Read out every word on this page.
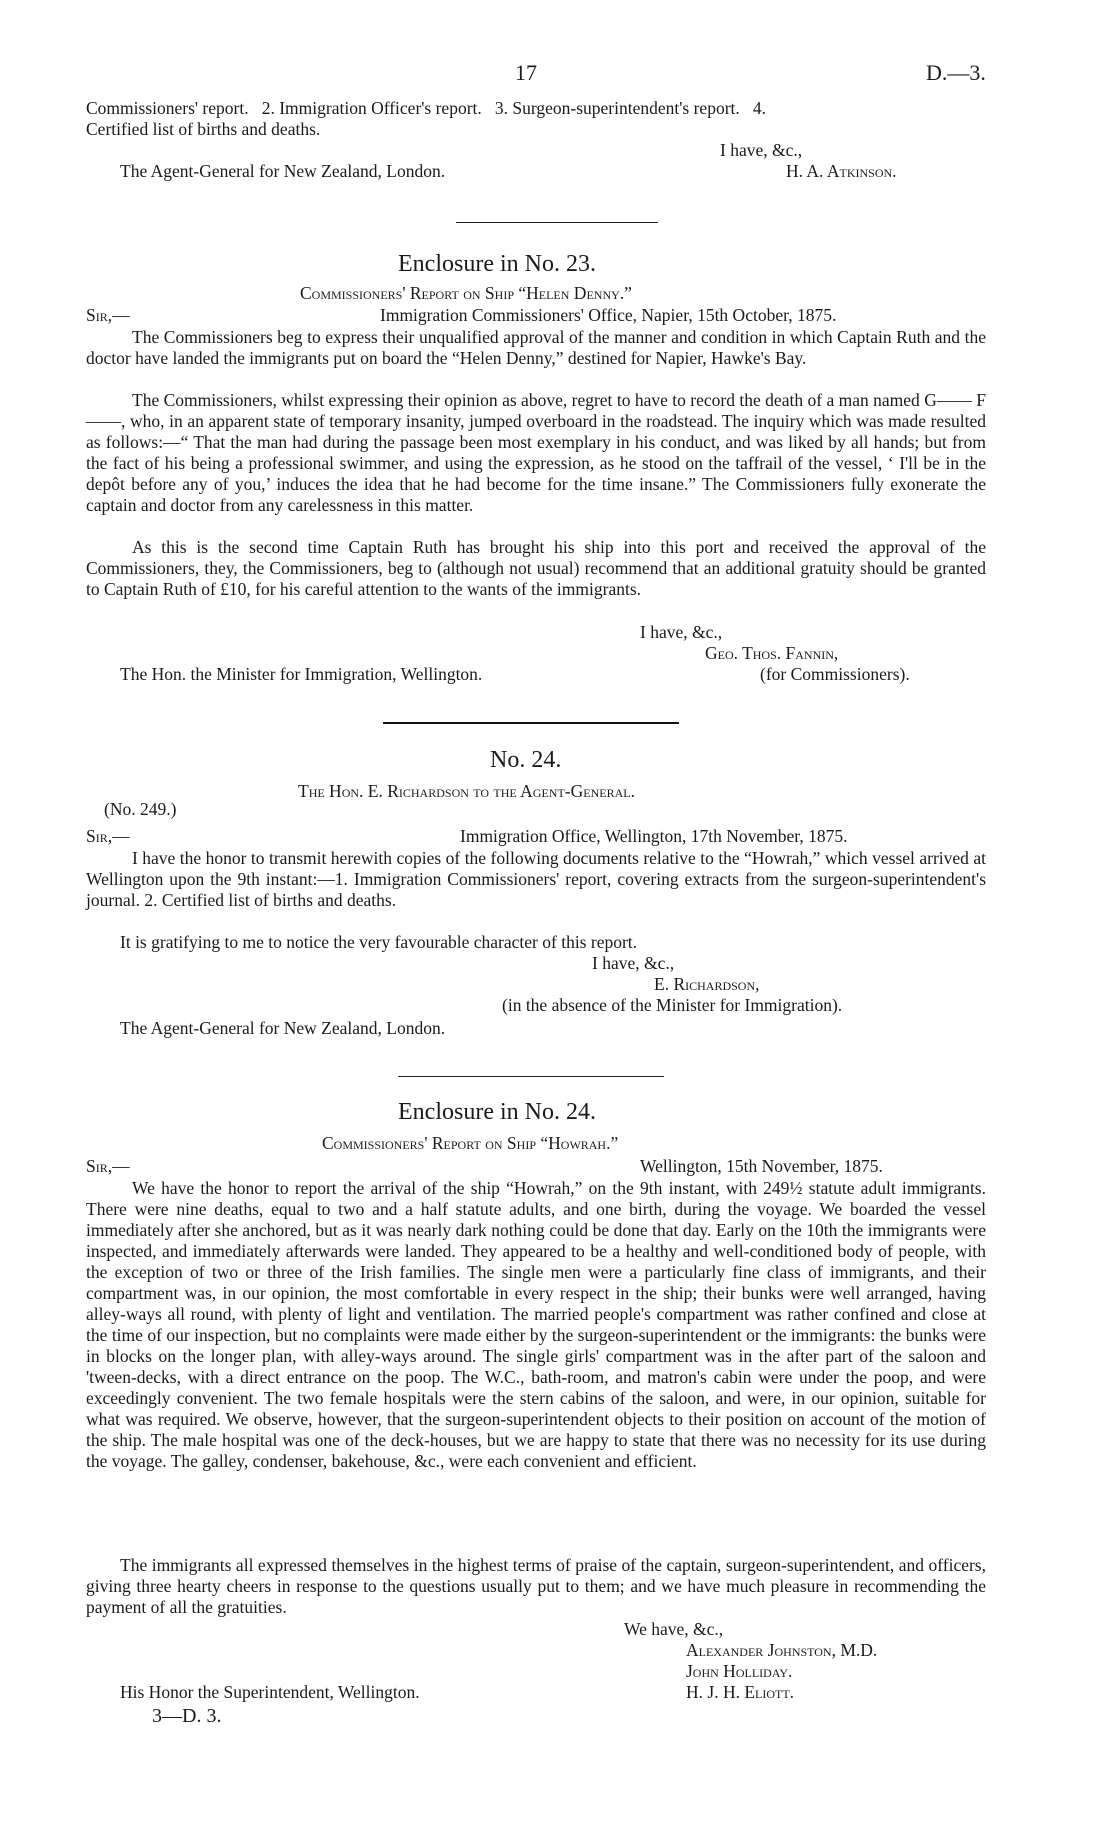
17	D.—3.
Commissioners' report.   2. Immigration Officer's report.   3. Surgeon-superintendent's report.   4.
Certified list of births and deaths.
I have, &c.,
The Agent-General for New Zealand, London.	H. A. Atkinson.
Enclosure in No. 23.
Commissioners' Report on Ship “Helen Denny.”
Sir,—	Immigration Commissioners' Office, Napier, 15th October, 1875.
The Commissioners beg to express their unqualified approval of the manner and condition in which Captain Ruth and the doctor have landed the immigrants put on board the “Helen Denny,” destined for Napier, Hawke's Bay.
The Commissioners, whilst expressing their opinion as above, regret to have to record the death of a man named G—— F——, who, in an apparent state of temporary insanity, jumped overboard in the roadstead. The inquiry which was made resulted as follows:—“ That the man had during the passage been most exemplary in his conduct, and was liked by all hands; but from the fact of his being a professional swimmer, and using the expression, as he stood on the taffrail of the vessel, ‘ I'll be in the depôt before any of you,’ induces the idea that he had become for the time insane.” The Commissioners fully exonerate the captain and doctor from any carelessness in this matter.
As this is the second time Captain Ruth has brought his ship into this port and received the approval of the Commissioners, they, the Commissioners, beg to (although not usual) recommend that an additional gratuity should be granted to Captain Ruth of £10, for his careful attention to the wants of the immigrants.
I have, &c.,
Geo. Thos. Fannin,
The Hon. the Minister for Immigration, Wellington.	(for Commissioners).
No. 24.
The Hon. E. Richardson to the Agent-General.
(No. 249.)
Sir,—	Immigration Office, Wellington, 17th November, 1875.
I have the honor to transmit herewith copies of the following documents relative to the “Howrah,” which vessel arrived at Wellington upon the 9th instant:—1. Immigration Commissioners' report, covering extracts from the surgeon-superintendent's journal. 2. Certified list of births and deaths.
It is gratifying to me to notice the very favourable character of this report.
I have, &c.,
E. Richardson,
(in the absence of the Minister for Immigration).
The Agent-General for New Zealand, London.
Enclosure in No. 24.
Commissioners' Report on Ship “Howrah.”
Sir,—	Wellington, 15th November, 1875.
We have the honor to report the arrival of the ship “Howrah,” on the 9th instant, with 249½ statute adult immigrants. There were nine deaths, equal to two and a half statute adults, and one birth, during the voyage. We boarded the vessel immediately after she anchored, but as it was nearly dark nothing could be done that day. Early on the 10th the immigrants were inspected, and immediately afterwards were landed. They appeared to be a healthy and well-conditioned body of people, with the exception of two or three of the Irish families. The single men were a particularly fine class of immigrants, and their compartment was, in our opinion, the most comfortable in every respect in the ship; their bunks were well arranged, having alley-ways all round, with plenty of light and ventilation. The married people's compartment was rather confined and close at the time of our inspection, but no complaints were made either by the surgeon-superintendent or the immigrants: the bunks were in blocks on the longer plan, with alley-ways around. The single girls' compartment was in the after part of the saloon and 'tween-decks, with a direct entrance on the poop. The W.C., bath-room, and matron's cabin were under the poop, and were exceedingly convenient. The two female hospitals were the stern cabins of the saloon, and were, in our opinion, suitable for what was required. We observe, however, that the surgeon-superintendent objects to their position on account of the motion of the ship. The male hospital was one of the deck-houses, but we are happy to state that there was no necessity for its use during the voyage. The galley, condenser, bakehouse, &c., were each convenient and efficient.
The immigrants all expressed themselves in the highest terms of praise of the captain, surgeon-superintendent, and officers, giving three hearty cheers in response to the questions usually put to them; and we have much pleasure in recommending the payment of all the gratuities.
We have, &c.,
Alexander Johnston, M.D.
John Holliday.
His Honor the Superintendent, Wellington.	H. J. H. Eliott.
3—D. 3.
